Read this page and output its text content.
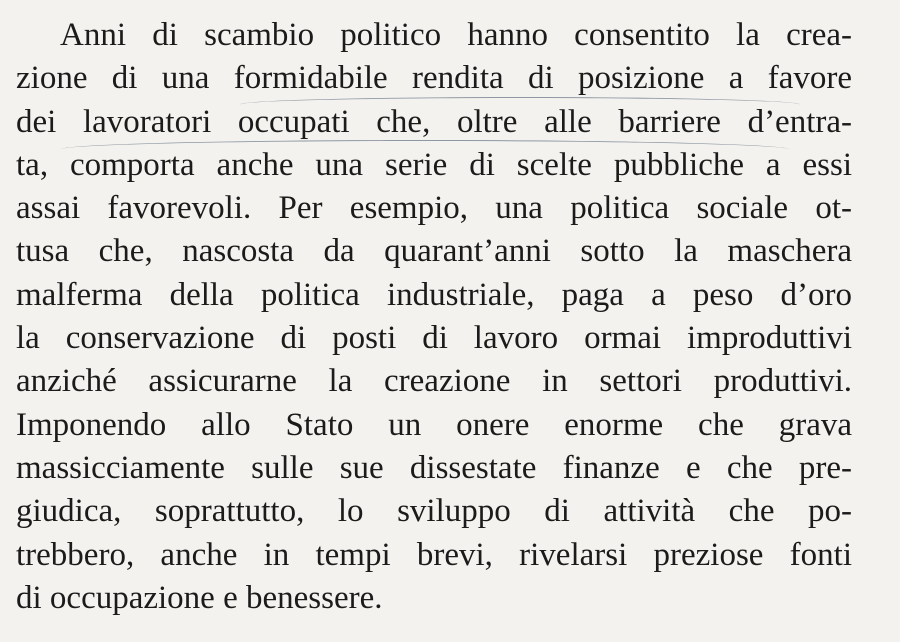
Anni di scambio politico hanno consentito la crea-
zione di una formidabile rendita di posizione a favore
dei lavoratori occupati che, oltre alle barriere d’entra-
ta, comporta anche una serie di scelte pubbliche a essi
assai favorevoli. Per esempio, una politica sociale ot-
tusa che, nascosta da quarant’anni sotto la maschera
malferma della politica industriale, paga a peso d’oro
la conservazione di posti di lavoro ormai improduttivi
anziché assicurarne la creazione in settori produttivi.
Imponendo allo Stato un onere enorme che grava
massicciamente sulle sue dissestate finanze e che pre-
giudica, soprattutto, lo sviluppo di attività che po-
trebbero, anche in tempi brevi, rivelarsi preziose fonti
di occupazione e benessere.
